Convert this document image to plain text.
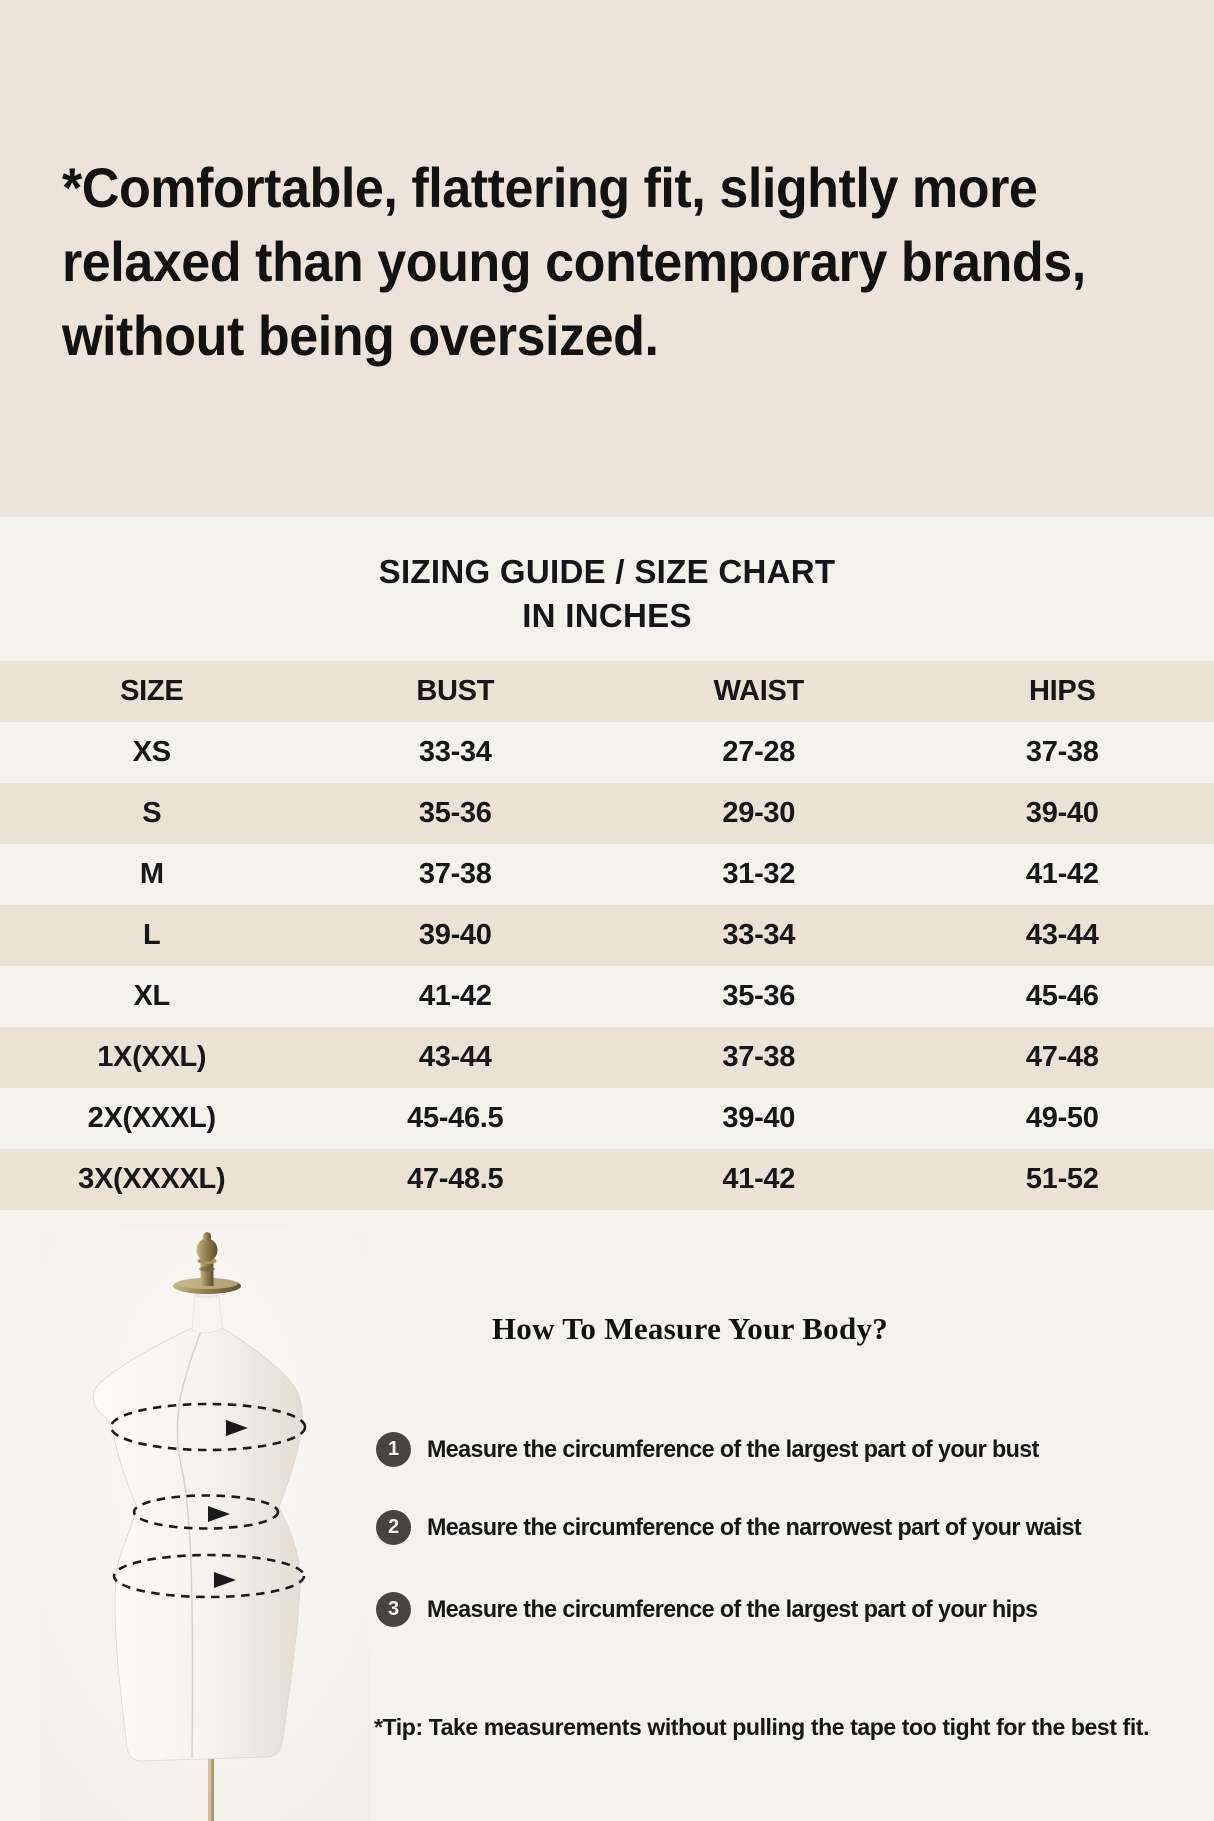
*Comfortable, flattering fit, slightly more
relaxed than young contemporary brands,
without being oversized.

SIZING GUIDE / SIZE CHART
IN INCHES
SIZE	BUST	WAIST	HIPS
XS	33-34	27-28	37-38
S	35-36	29-30	39-40
M	37-38	31-32	41-42
L	39-40	33-34	43-44
XL	41-42	35-36	45-46
1X(XXL)	43-44	37-38	47-48
2X(XXXL)	45-46.5	39-40	49-50
3X(XXXXL)	47-48.5	41-42	51-52
How To Measure Your Body?
1	Measure the circumference of the largest part of your bust
2	Measure the circumference of the narrowest part of your waist
3	Measure the circumference of the largest part of your hips
*Tip: Take measurements without pulling the tape too tight for the best fit.
